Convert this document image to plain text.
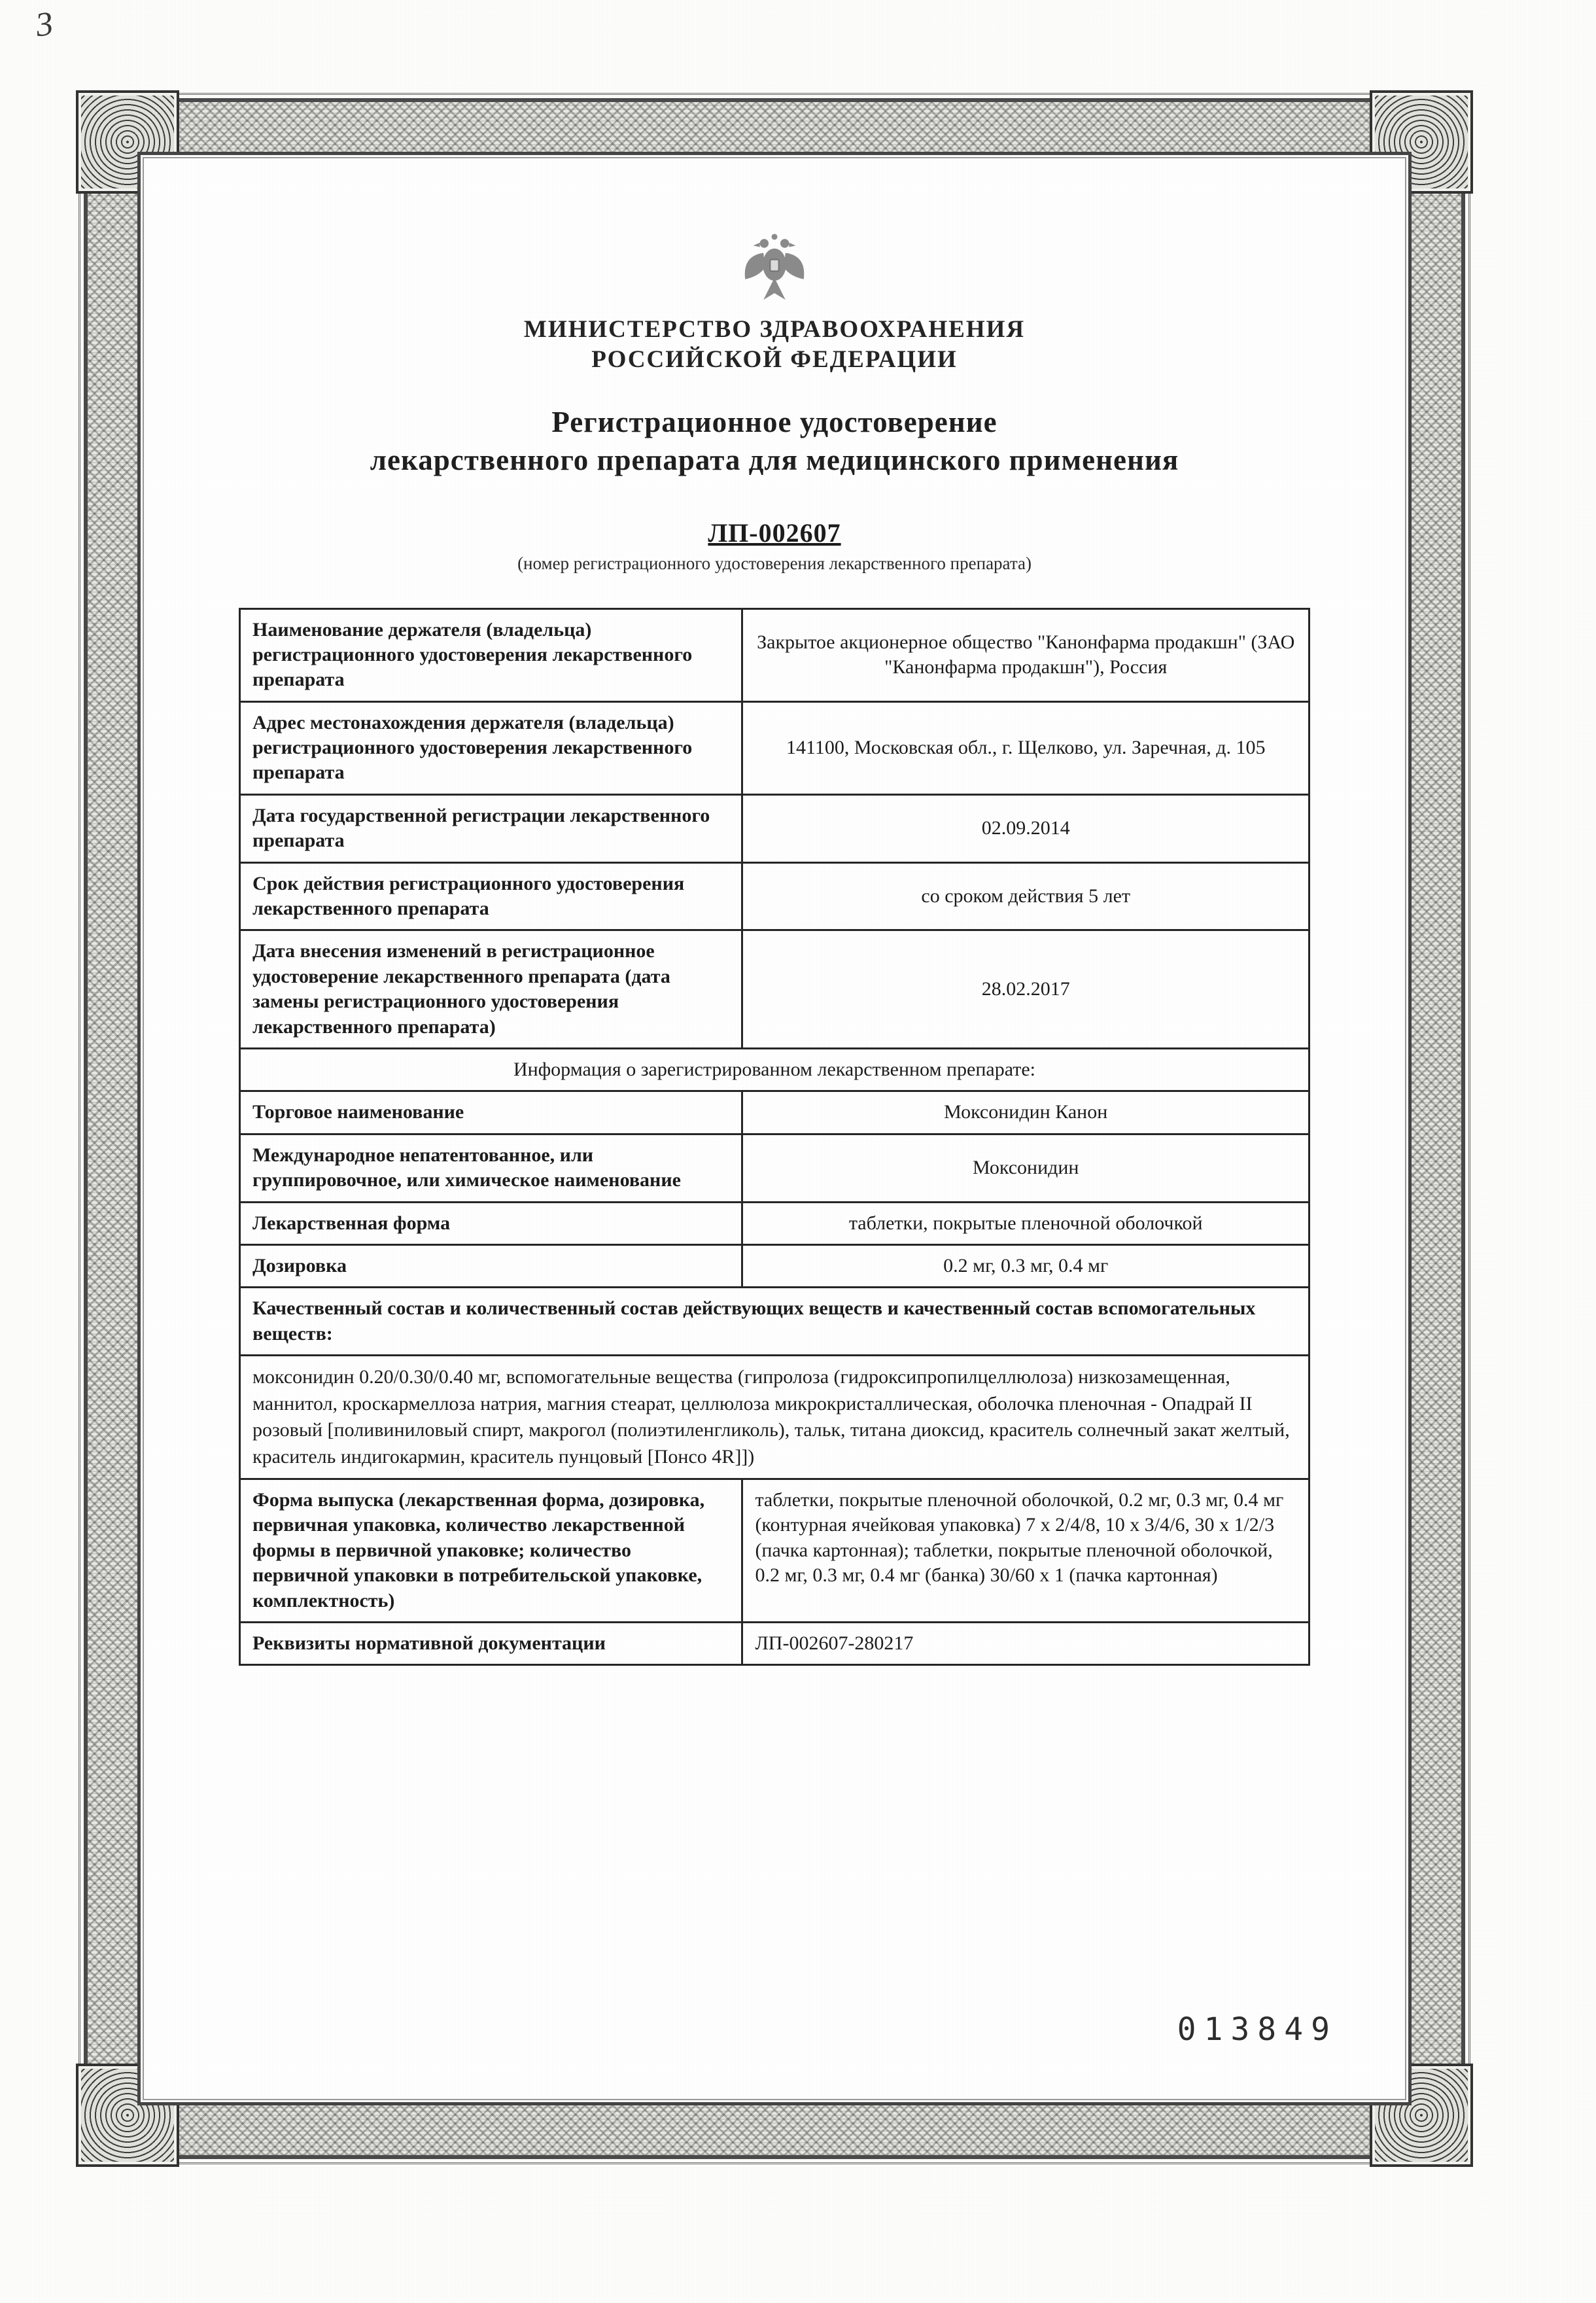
3
МИНИСТЕРСТВО ЗДРАВООХРАНЕНИЯ
РОССИЙСКОЙ ФЕДЕРАЦИИ
Регистрационное удостоверение
лекарственного препарата для медицинского применения
ЛП-002607
(номер регистрационного удостоверения лекарственного препарата)
Наименование держателя (владельца) регистрационного удостоверения лекарственного препарата	Закрытое акционерное общество "Канонфарма продакшн" (ЗАО "Канонфарма продакшн"), Россия
Адрес местонахождения держателя (владельца) регистрационного удостоверения лекарственного препарата	141100, Московская обл., г. Щелково, ул. Заречная, д. 105
Дата государственной регистрации лекарственного препарата	02.09.2014
Срок действия регистрационного удостоверения лекарственного препарата	со сроком действия 5 лет
Дата внесения изменений в регистрационное удостоверение лекарственного препарата (дата замены регистрационного удостоверения лекарственного препарата)	28.02.2017
Информация о зарегистрированном лекарственном препарате:	
Торговое наименование	Моксонидин Канон
Международное непатентованное, или группировочное, или химическое наименование	Моксонидин
Лекарственная форма	таблетки, покрытые пленочной оболочкой
Дозировка	0.2 мг, 0.3 мг, 0.4 мг
Качественный состав и количественный состав действующих веществ и качественный состав вспомогательных веществ:	
моксонидин 0.20/0.30/0.40 мг, вспомогательные вещества (гипролоза (гидроксипропилцеллюлоза) низкозамещенная, маннитол, кроскармеллоза натрия, магния стеарат, целлюлоза микрокристаллическая, оболочка пленочная - Опадрай II розовый [поливиниловый спирт, макрогол (полиэтиленгликоль), тальк, титана диоксид, краситель солнечный закат желтый, краситель индигокармин, краситель пунцовый [Понсо 4R]])	
Форма выпуска (лекарственная форма, дозировка, первичная упаковка, количество лекарственной формы в первичной упаковке; количество первичной упаковки в потребительской упаковке, комплектность)	таблетки, покрытые пленочной оболочкой, 0.2 мг, 0.3 мг, 0.4 мг (контурная ячейковая упаковка) 7 х 2/4/8, 10 х 3/4/6, 30 х 1/2/3 (пачка картонная); таблетки, покрытые пленочной оболочкой, 0.2 мг, 0.3 мг, 0.4 мг (банка) 30/60 х 1 (пачка картонная)
Реквизиты нормативной документации	ЛП-002607-280217
013849
